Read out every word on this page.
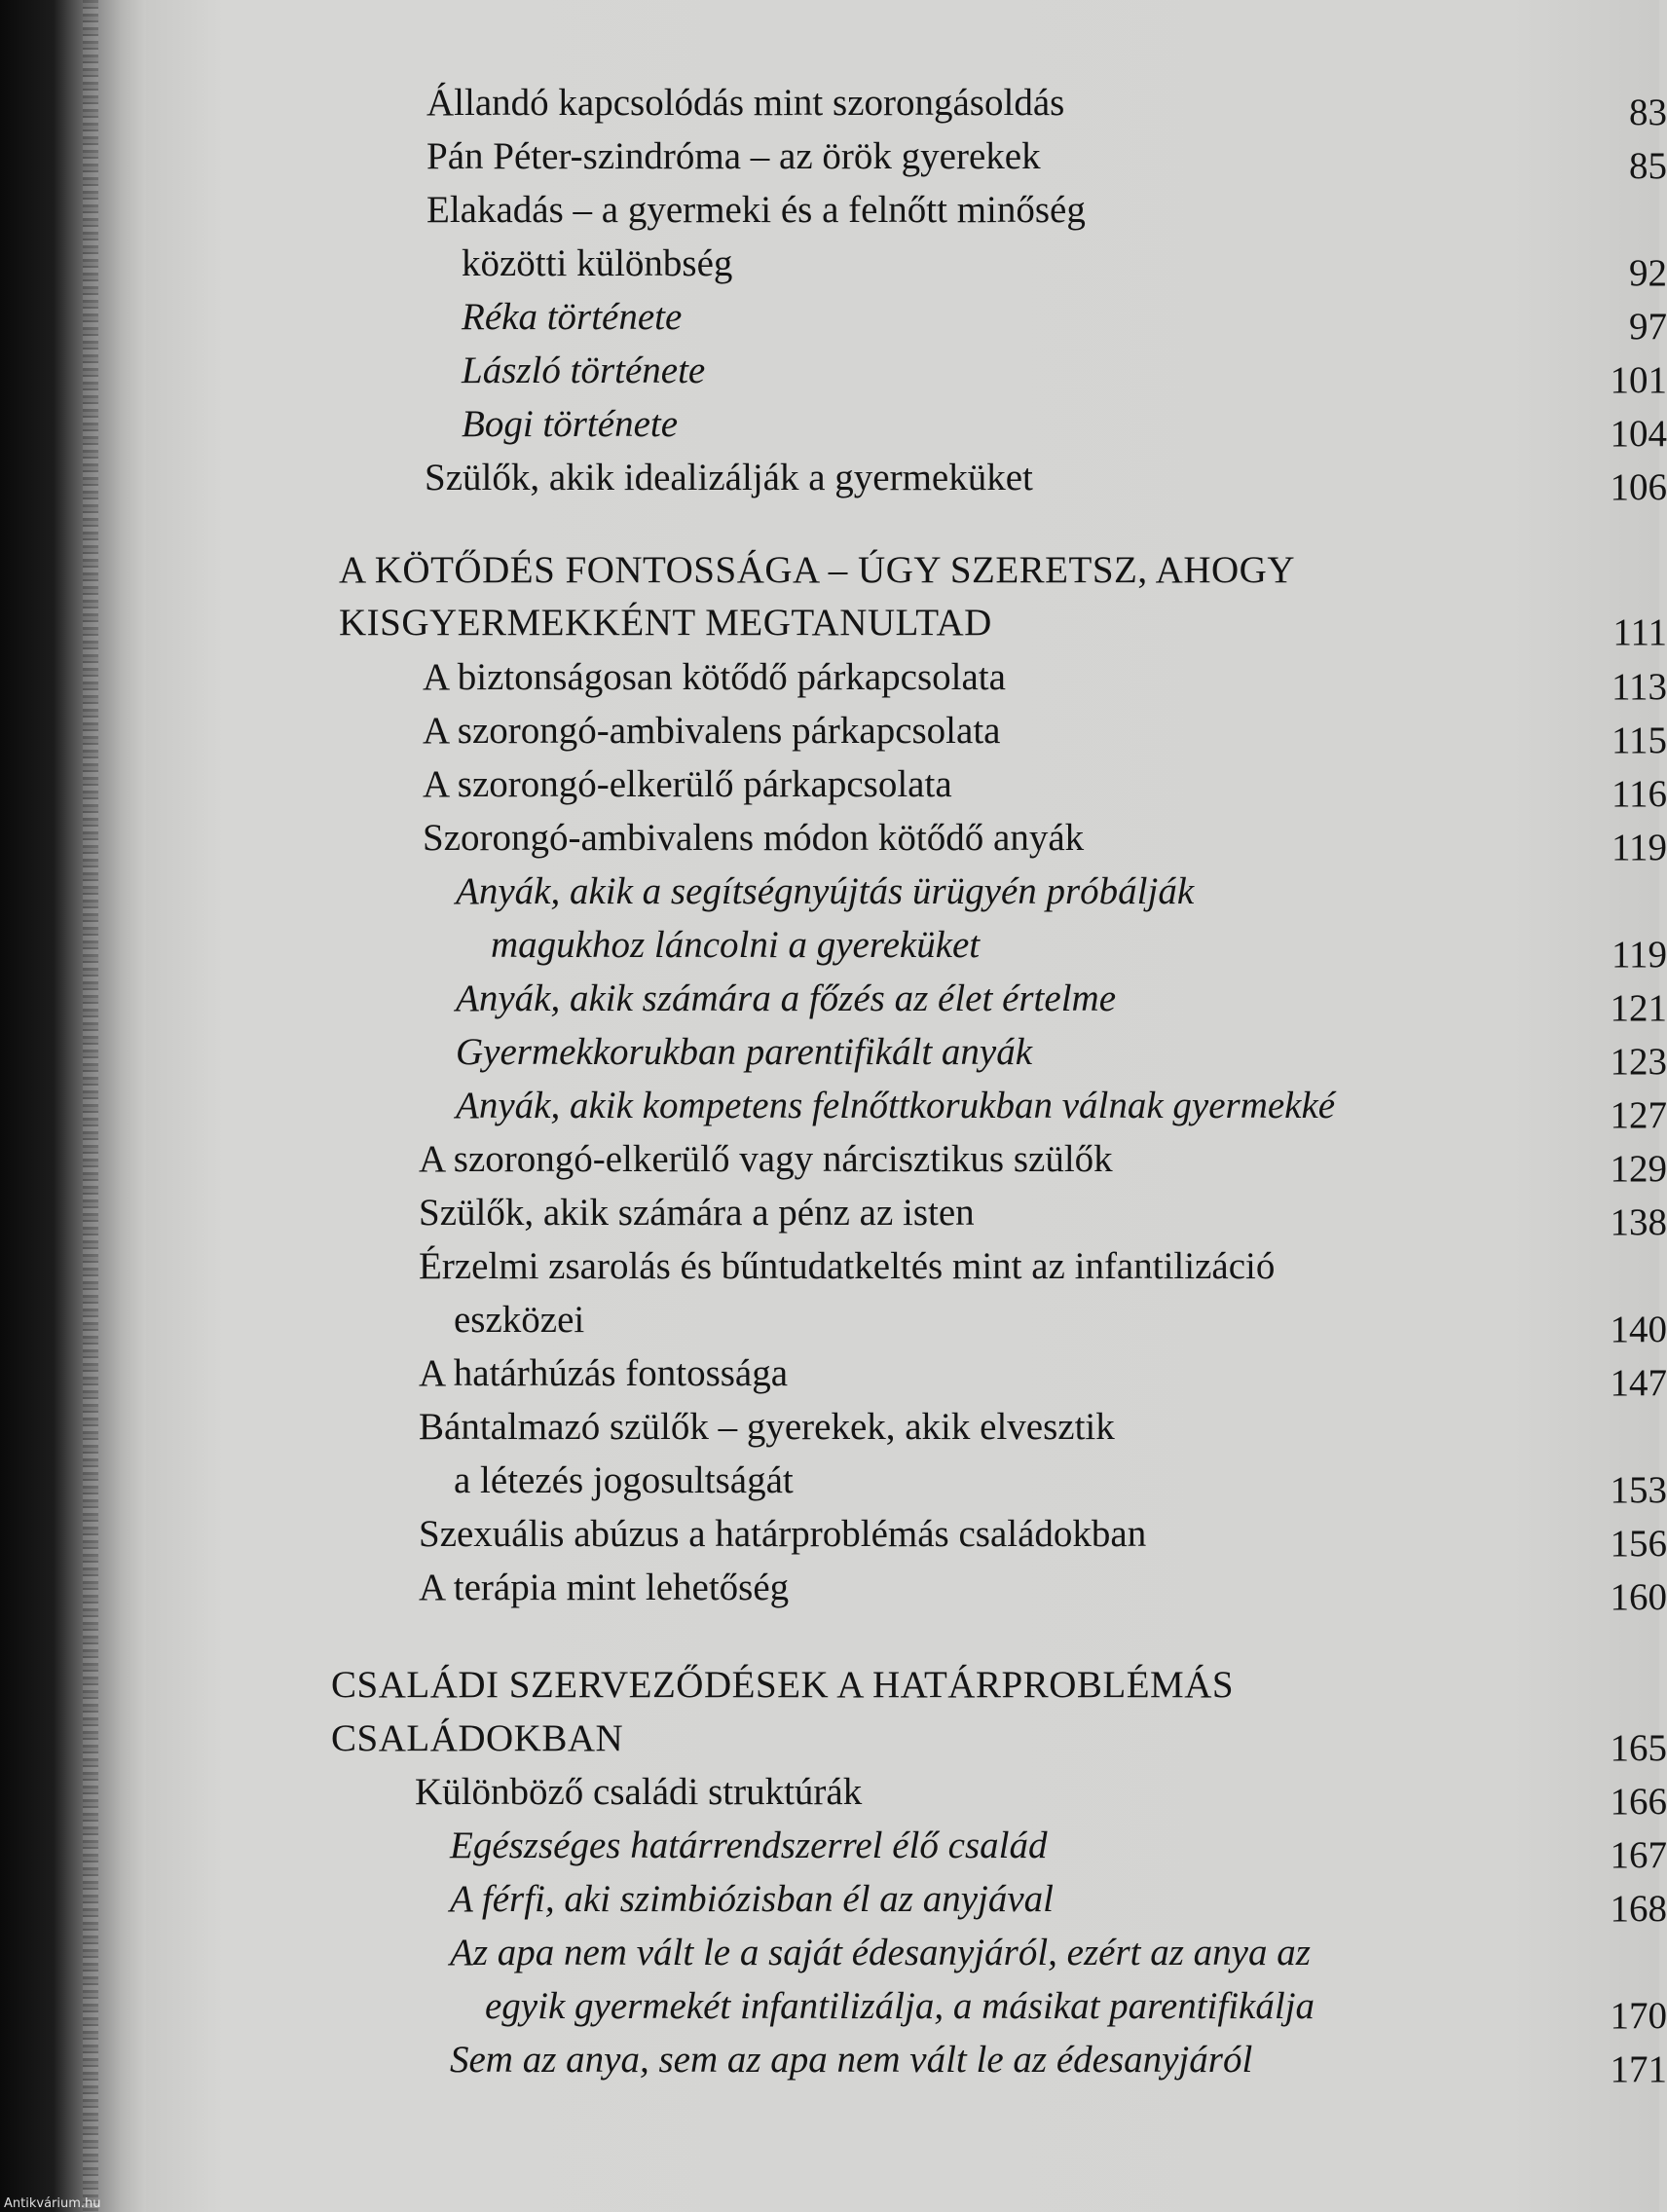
Állandó kapcsolódás mint szorongásoldás	83
Pán Péter-szindróma – az örök gyerekek	85
Elakadás – a gyermeki és a felnőtt minőség
közötti különbség	92
Réka története	97
László története	101
Bogi története	104
Szülők, akik idealizálják a gyermeküket	106
A KÖTŐDÉS FONTOSSÁGA – ÚGY SZERETSZ, AHOGY
KISGYERMEKKÉNT MEGTANULTAD	111
A biztonságosan kötődő párkapcsolata	113
A szorongó-ambivalens párkapcsolata	115
A szorongó-elkerülő párkapcsolata	116
Szorongó-ambivalens módon kötődő anyák	119
Anyák, akik a segítségnyújtás ürügyén próbálják
magukhoz láncolni a gyereküket	119
Anyák, akik számára a főzés az élet értelme	121
Gyermekkorukban parentifikált anyák	123
Anyák, akik kompetens felnőttkorukban válnak gyermekké	127
A szorongó-elkerülő vagy nárcisztikus szülők	129
Szülők, akik számára a pénz az isten	138
Érzelmi zsarolás és bűntudatkeltés mint az infantilizáció
eszközei	140
A határhúzás fontossága	147
Bántalmazó szülők – gyerekek, akik elvesztik
a létezés jogosultságát	153
Szexuális abúzus a határproblémás családokban	156
A terápia mint lehetőség	160
CSALÁDI SZERVEZŐDÉSEK A HATÁRPROBLÉMÁS
CSALÁDOKBAN	165
Különböző családi struktúrák	166
Egészséges határrendszerrel élő család	167
A férfi, aki szimbiózisban él az anyjával	168
Az apa nem vált le a saját édesanyjáról, ezért az anya az
egyik gyermekét infantilizálja, a másikat parentifikálja	170
Sem az anya, sem az apa nem vált le az édesanyjáról	171
Antikvárium.hu
